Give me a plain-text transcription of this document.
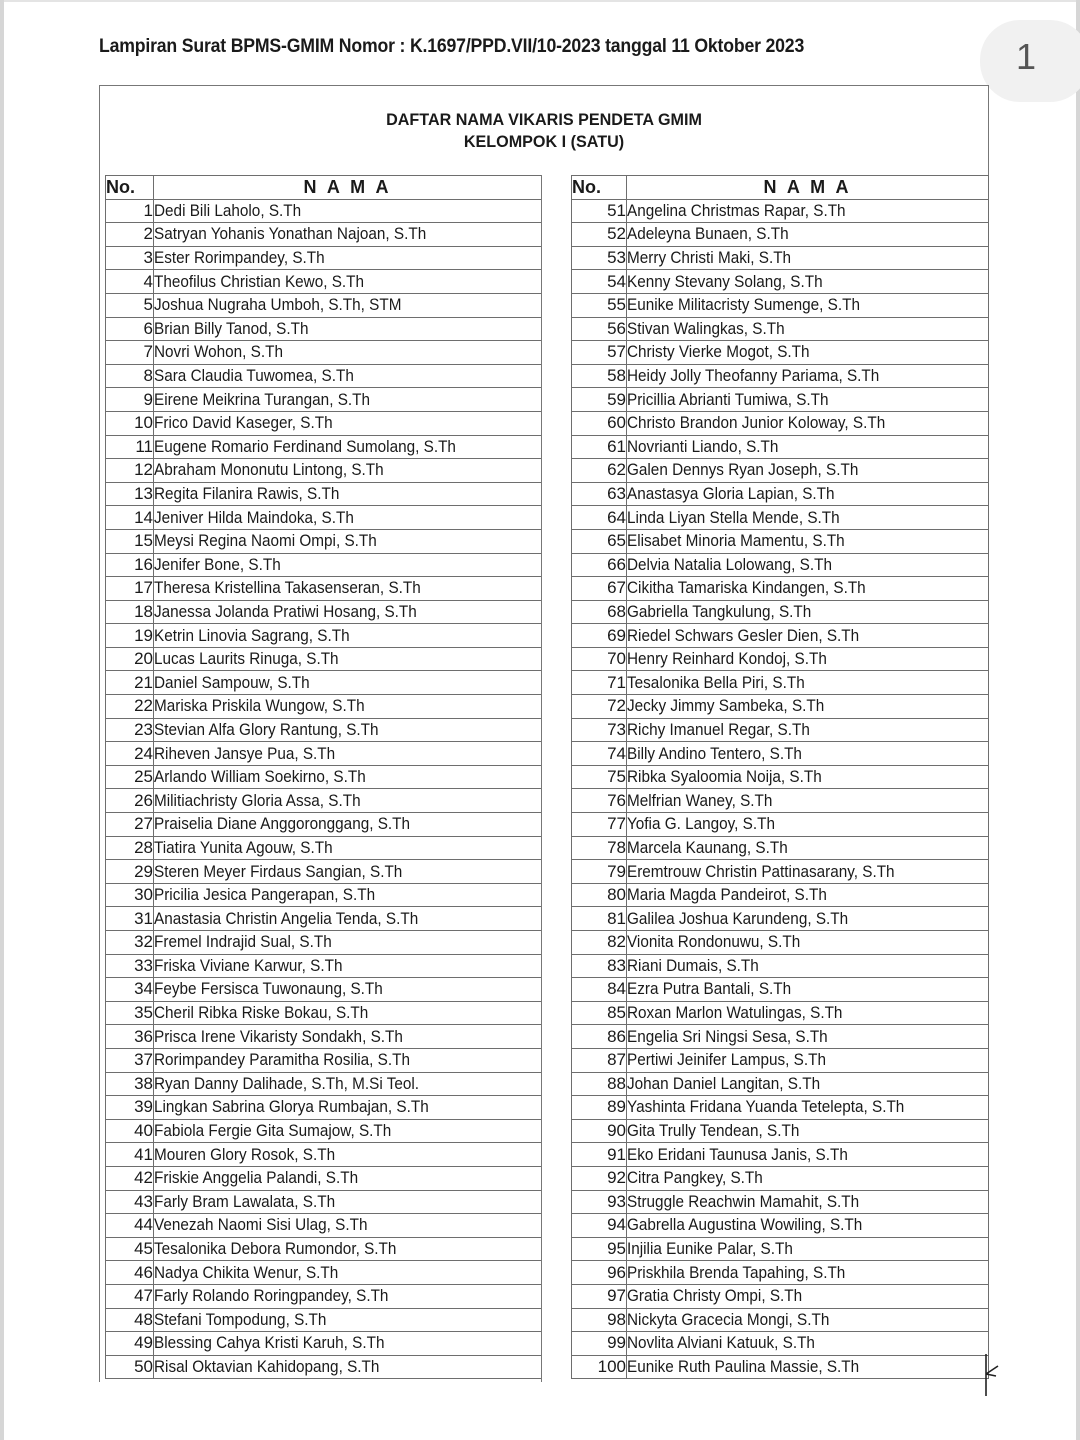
Lampiran Surat BPMS-GMIM Nomor : K.1697/PPD.VII/10-2023 tanggal 11 Oktober 2023	1
DAFTAR NAMA VIKARIS PENDETA GMIM
KELOMPOK I (SATU)
No.	N A M A
1	Dedi Bili Laholo, S.Th
2	Satryan Yohanis Yonathan Najoan, S.Th
3	Ester Rorimpandey, S.Th
4	Theofilus Christian Kewo, S.Th
5	Joshua Nugraha Umboh, S.Th, STM
6	Brian Billy Tanod, S.Th
7	Novri Wohon, S.Th
8	Sara Claudia Tuwomea, S.Th
9	Eirene Meikrina Turangan, S.Th
10	Frico David Kaseger, S.Th
11	Eugene Romario Ferdinand Sumolang, S.Th
12	Abraham Mononutu Lintong, S.Th
13	Regita Filanira Rawis, S.Th
14	Jeniver Hilda Maindoka, S.Th
15	Meysi Regina Naomi Ompi, S.Th
16	Jenifer Bone, S.Th
17	Theresa Kristellina Takasenseran, S.Th
18	Janessa Jolanda Pratiwi Hosang, S.Th
19	Ketrin Linovia Sagrang, S.Th
20	Lucas Laurits Rinuga, S.Th
21	Daniel Sampouw, S.Th
22	Mariska Priskila Wungow, S.Th
23	Stevian Alfa Glory Rantung, S.Th
24	Riheven Jansye Pua, S.Th
25	Arlando William Soekirno, S.Th
26	Militiachristy Gloria Assa, S.Th
27	Praiselia Diane Anggoronggang, S.Th
28	Tiatira Yunita Agouw, S.Th
29	Steren Meyer Firdaus Sangian, S.Th
30	Pricilia Jesica Pangerapan, S.Th
31	Anastasia Christin Angelia Tenda, S.Th
32	Fremel Indrajid Sual, S.Th
33	Friska Viviane Karwur, S.Th
34	Feybe Fersisca Tuwonaung, S.Th
35	Cheril Ribka Riske Bokau, S.Th
36	Prisca Irene Vikaristy Sondakh, S.Th
37	Rorimpandey Paramitha Rosilia, S.Th
38	Ryan Danny Dalihade, S.Th, M.Si Teol.
39	Lingkan Sabrina Glorya Rumbajan, S.Th
40	Fabiola Fergie Gita Sumajow, S.Th
41	Mouren Glory Rosok, S.Th
42	Friskie Anggelia Palandi, S.Th
43	Farly Bram Lawalata, S.Th
44	Venezah Naomi Sisi Ulag, S.Th
45	Tesalonika Debora Rumondor, S.Th
46	Nadya Chikita Wenur, S.Th
47	Farly Rolando Roringpandey, S.Th
48	Stefani Tompodung, S.Th
49	Blessing Cahya Kristi Karuh, S.Th
50	Risal Oktavian Kahidopang, S.Th
No.	N A M A
51	Angelina Christmas Rapar, S.Th
52	Adeleyna Bunaen, S.Th
53	Merry Christi Maki, S.Th
54	Kenny Stevany Solang, S.Th
55	Eunike Militacristy Sumenge, S.Th
56	Stivan Walingkas, S.Th
57	Christy Vierke Mogot, S.Th
58	Heidy Jolly Theofanny Pariama, S.Th
59	Pricillia Abrianti Tumiwa, S.Th
60	Christo Brandon Junior Koloway, S.Th
61	Novrianti Liando, S.Th
62	Galen Dennys Ryan Joseph, S.Th
63	Anastasya Gloria Lapian, S.Th
64	Linda Liyan Stella Mende, S.Th
65	Elisabet Minoria Mamentu, S.Th
66	Delvia Natalia Lolowang, S.Th
67	Cikitha Tamariska Kindangen, S.Th
68	Gabriella Tangkulung, S.Th
69	Riedel Schwars Gesler Dien, S.Th
70	Henry Reinhard Kondoj, S.Th
71	Tesalonika Bella Piri, S.Th
72	Jecky Jimmy Sambeka, S.Th
73	Richy Imanuel Regar, S.Th
74	Billy Andino Tentero, S.Th
75	Ribka Syaloomia Noija, S.Th
76	Melfrian Waney, S.Th
77	Yofia G. Langoy, S.Th
78	Marcela Kaunang, S.Th
79	Eremtrouw Christin Pattinasarany, S.Th
80	Maria Magda Pandeirot, S.Th
81	Galilea Joshua Karundeng, S.Th
82	Vionita Rondonuwu, S.Th
83	Riani Dumais, S.Th
84	Ezra Putra Bantali, S.Th
85	Roxan Marlon Watulingas, S.Th
86	Engelia Sri Ningsi Sesa, S.Th
87	Pertiwi Jeinifer Lampus, S.Th
88	Johan Daniel Langitan, S.Th
89	Yashinta Fridana Yuanda Tetelepta, S.Th
90	Gita Trully Tendean, S.Th
91	Eko Eridani Taunusa Janis, S.Th
92	Citra Pangkey, S.Th
93	Struggle Reachwin Mamahit, S.Th
94	Gabrella Augustina Wowiling, S.Th
95	Injilia Eunike Palar, S.Th
96	Priskhila Brenda Tapahing, S.Th
97	Gratia Christy Ompi, S.Th
98	Nickyta Gracecia Mongi, S.Th
99	Novlita Alviani Katuuk, S.Th
100	Eunike Ruth Paulina Massie, S.Th
